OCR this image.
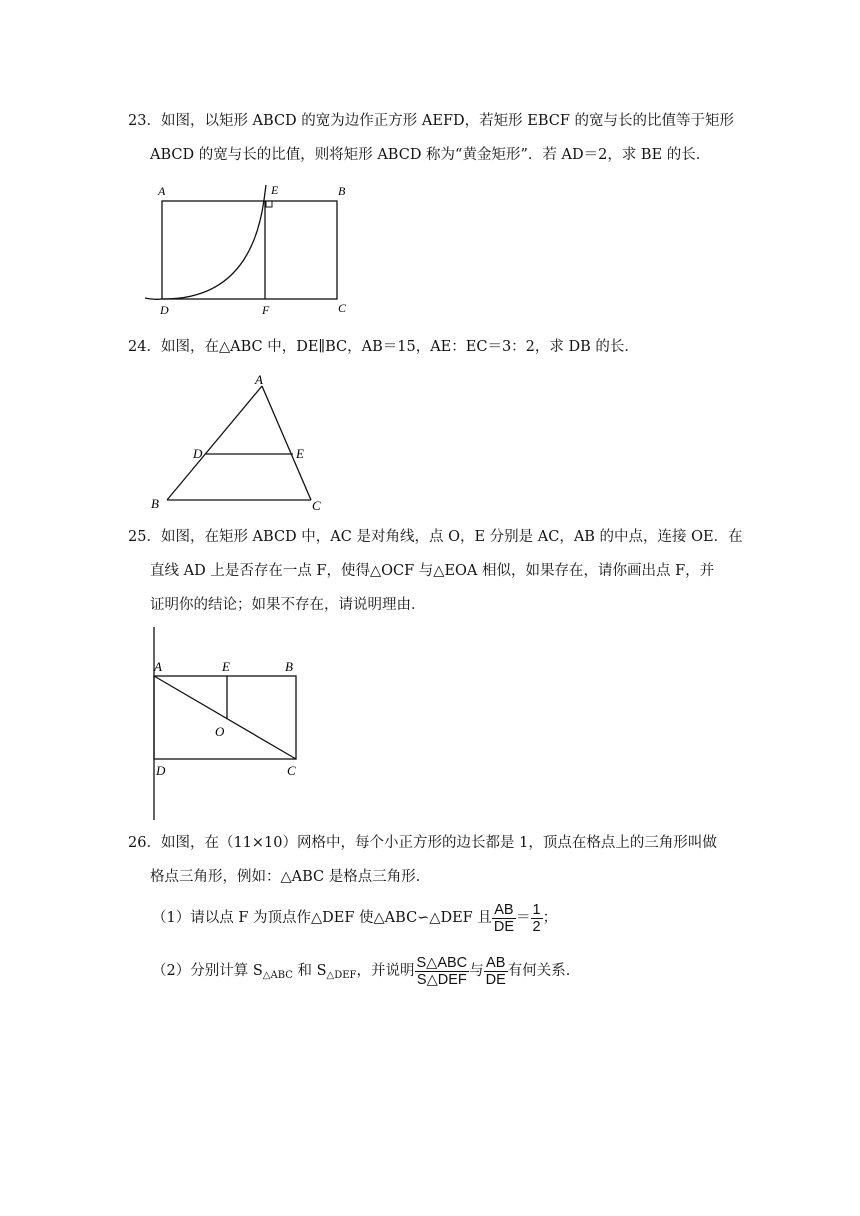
23．如图，以矩形 ABCD 的宽为边作正方形 AEFD，若矩形 EBCF 的宽与长的比值等于矩形
ABCD 的宽与长的比值，则将矩形 ABCD 称为“黄金矩形”．若 AD＝2，求 BE 的长．
A	E	B
D	F	C
24．如图，在△ABC 中，DE∥BC，AB＝15，AE：EC＝3：2，求 DB 的长．
A
D	E
B	C
25．如图，在矩形 ABCD 中，AC 是对角线，点 O，E 分别是 AC，AB 的中点，连接 OE．在
直线 AD 上是否存在一点 F，使得△OCF 与△EOA 相似，如果存在，请你画出点 F，并
证明你的结论；如果不存在，请说明理由．
A	E	B
O
D	C
26．如图，在（11×10）网格中，每个小正方形的边长都是 1，顶点在格点上的三角形叫做
格点三角形，例如：△ABC 是格点三角形．
（1）请以点 F 为顶点作△DEF 使△ABC∽△DEF 且 $\frac{AB}{DE} = \frac{1}{2}$ ；
（2）分别计算 $S_{\triangle ABC}$ 和 $S_{\triangle DEF}$，并说明 $\frac{\text{S△ABC}}{\text{S△DEF}}$ 与 $\frac{AB}{DE}$ 有何关系．
